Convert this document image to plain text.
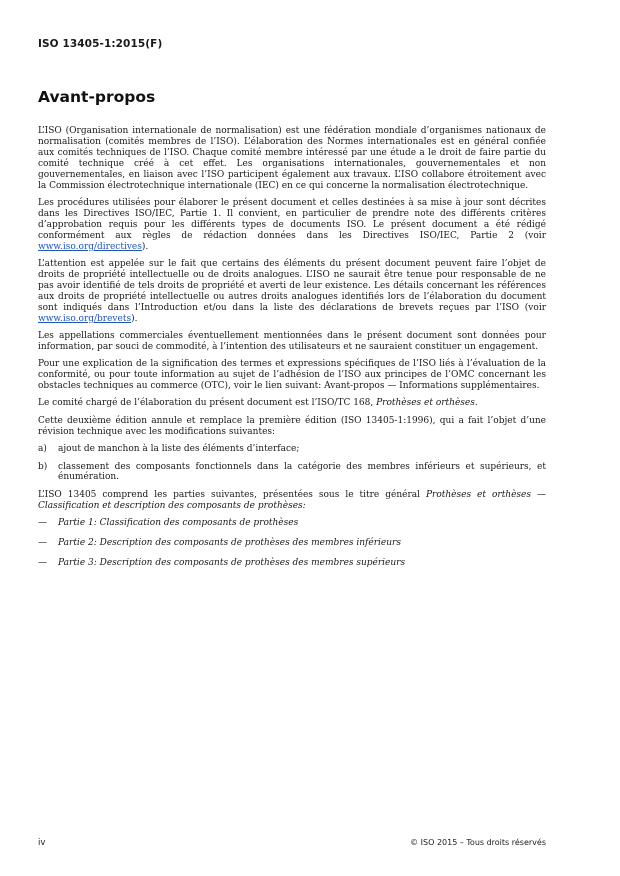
ISO 13405-1:2015(F)
Avant-propos

L’ISO (Organisation internationale de normalisation) est une fédération mondiale d’organismes nationaux de normalisation (comités membres de l’ISO). L’élaboration des Normes internationales est en général confiée aux comités techniques de l’ISO. Chaque comité membre intéressé par une étude a le droit de faire partie du comité technique créé à cet effet. Les organisations internationales, gouvernementales et non gouvernementales, en liaison avec l’ISO participent également aux travaux. L’ISO collabore étroitement avec la Commission électrotechnique internationale (IEC) en ce qui concerne la normalisation électrotechnique.

Les procédures utilisées pour élaborer le présent document et celles destinées à sa mise à jour sont décrites dans les Directives ISO/IEC, Partie 1. Il convient, en particulier de prendre note des différents critères d’approbation requis pour les différents types de documents ISO. Le présent document a été rédigé conformément aux règles de rédaction données dans les Directives ISO/IEC, Partie 2 (voir www.iso.org/directives).

L’attention est appelée sur le fait que certains des éléments du présent document peuvent faire l’objet de droits de propriété intellectuelle ou de droits analogues. L’ISO ne saurait être tenue pour responsable de ne pas avoir identifié de tels droits de propriété et averti de leur existence. Les détails concernant les références aux droits de propriété intellectuelle ou autres droits analogues identifiés lors de l’élaboration du document sont indiqués dans l’Introduction et/ou dans la liste des déclarations de brevets reçues par l’ISO (voir www.iso.org/brevets).

Les appellations commerciales éventuellement mentionnées dans le présent document sont données pour information, par souci de commodité, à l’intention des utilisateurs et ne sauraient constituer un engagement.

Pour une explication de la signification des termes et expressions spécifiques de l’ISO liés à l’évaluation de la conformité, ou pour toute information au sujet de l’adhésion de l’ISO aux principes de l’OMC concernant les obstacles techniques au commerce (OTC), voir le lien suivant: Avant-propos — Informations supplémentaires.

Le comité chargé de l’élaboration du présent document est l’ISO/TC 168, Prothèses et orthèses.

Cette deuxième édition annule et remplace la première édition (ISO 13405-1:1996), qui a fait l’objet d’une révision technique avec les modifications suivantes:

a) ajout de manchon à la liste des éléments d’interface;
b) classement des composants fonctionnels dans la catégorie des membres inférieurs et supérieurs, et énumération.

L’ISO 13405 comprend les parties suivantes, présentées sous le titre général Prothèses et orthèses — Classification et description des composants de prothèses:

— Partie 1: Classification des composants de prothèses
— Partie 2: Description des composants de prothèses des membres inférieurs
— Partie 3: Description des composants de prothèses des membres supérieurs
iv	© ISO 2015 – Tous droits réservés
